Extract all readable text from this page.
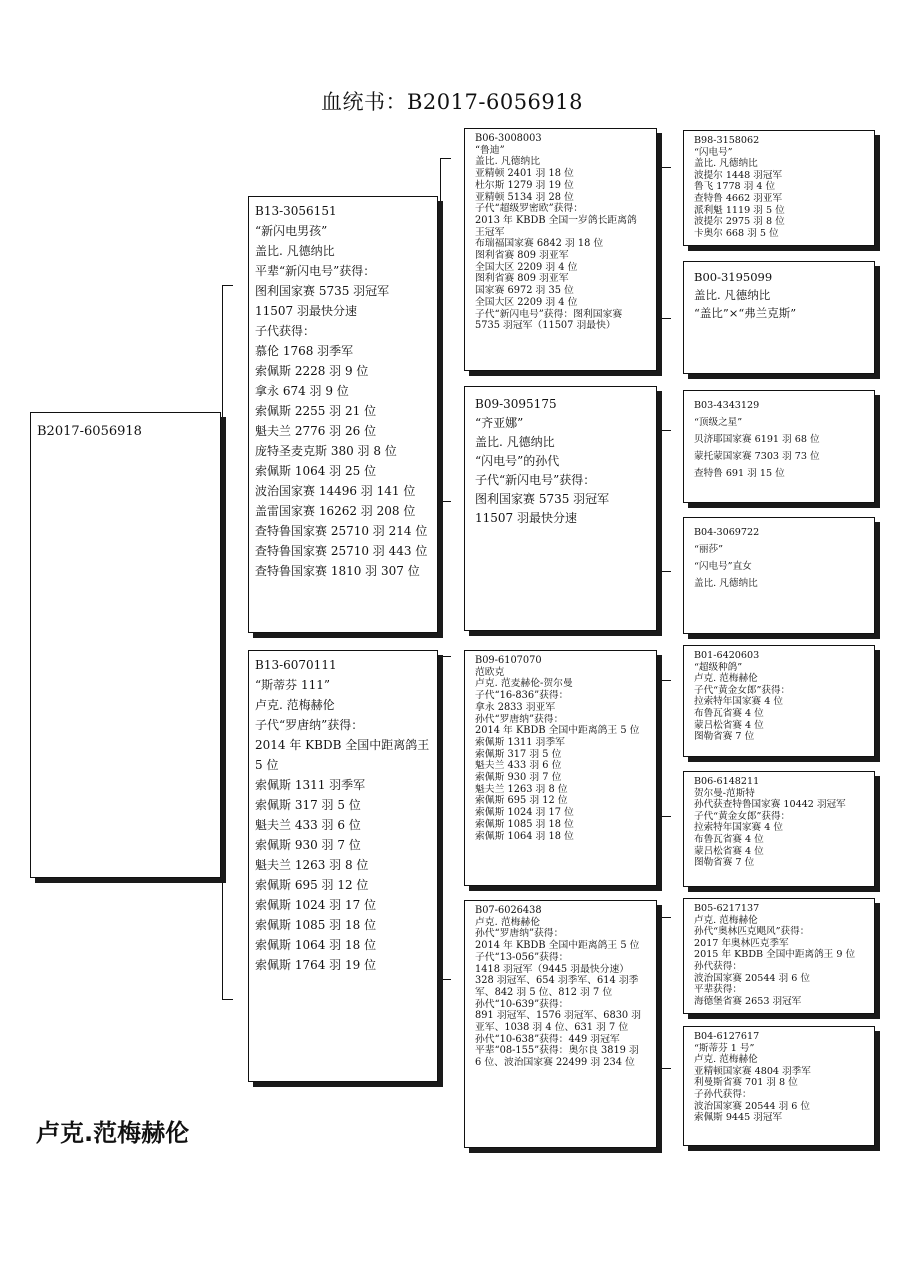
血统书：B2017-6056918
B2017-6056918
B13-3056151
“新闪电男孩”
盖比. 凡德纳比
平辈“新闪电号”获得：
图利国家赛 5735 羽冠军
11507 羽最快分速
子代获得：
慕伦 1768 羽季军
索佩斯 2228 羽 9 位
拿永 674 羽 9 位
索佩斯 2255 羽 21 位
魁夫兰 2776 羽 26 位
庞特圣麦克斯 380 羽 8 位
索佩斯 1064 羽 25 位
波治国家赛 14496 羽 141 位
盖雷国家赛 16262 羽 208 位
查特鲁国家赛 25710 羽 214 位
查特鲁国家赛 25710 羽 443 位
查特鲁国家赛 1810 羽 307 位
B13-6070111
“斯蒂芬 111”
卢克. 范梅赫伦
子代“罗唐纳”获得：
2014 年 KBDB 全国中距离鸽王 5 位
索佩斯 1311 羽季军
索佩斯 317 羽 5 位
魁夫兰 433 羽 6 位
索佩斯 930 羽 7 位
魁夫兰 1263 羽 8 位
索佩斯 695 羽 12 位
索佩斯 1024 羽 17 位
索佩斯 1085 羽 18 位
索佩斯 1064 羽 18 位
索佩斯 1764 羽 19 位
B06-3008003
“鲁迪”
盖比. 凡德纳比
亚精顿 2401 羽 18 位
杜尔斯 1279 羽 19 位
亚精顿 5134 羽 28 位
子代“超级罗密欧”获得：
2013 年 KBDB 全国一岁鸽长距离鸽王冠军
布瑞福国家赛 6842 羽 18 位
图利省赛 809 羽亚军
全国大区 2209 羽 4 位
图利省赛 809 羽亚军
国家赛 6972 羽 35 位
全国大区 2209 羽 4 位
子代“新闪电号”获得：图利国家赛 5735 羽冠军（11507 羽最快）
B09-3095175
“齐亚娜”
盖比. 凡德纳比
“闪电号”的孙代
子代“新闪电号”获得：
图利国家赛 5735 羽冠军
11507 羽最快分速
B09-6107070
范欧克
卢克. 范麦赫伦-贺尔曼
子代“16-836”获得：
拿永 2833 羽亚军
孙代“罗唐纳”获得：
2014 年 KBDB 全国中距离鸽王 5 位
索佩斯 1311 羽季军
索佩斯 317 羽 5 位
魁夫兰 433 羽 6 位
索佩斯 930 羽 7 位
魁夫兰 1263 羽 8 位
索佩斯 695 羽 12 位
索佩斯 1024 羽 17 位
索佩斯 1085 羽 18 位
索佩斯 1064 羽 18 位
B07-6026438
卢克. 范梅赫伦
孙代“罗唐纳”获得：
2014 年 KBDB 全国中距离鸽王 5 位
子代“13-056”获得：
1418 羽冠军（9445 羽最快分速）
328 羽冠军、654 羽季军、614 羽季军、842 羽 5 位、812 羽 7 位
孙代“10-639”获得：
891 羽冠军、1576 羽冠军、6830 羽亚军、1038 羽 4 位、631 羽 7 位
孙代“10-638”获得：449 羽冠军
平辈“08-155”获得：奥尔良 3819 羽 6 位、波治国家赛 22499 羽 234 位
B98-3158062
“闪电号”
盖比. 凡德纳比
波提尔 1448 羽冠军
鲁飞 1778 羽 4 位
查特鲁 4662 羽亚军
派利魁 1119 羽 5 位
波提尔 2975 羽 8 位
卡奥尔 668 羽 5 位
B00-3195099
盖比. 凡德纳比
“盖比”×“弗兰克斯”
B03-4343129
“顶级之星”
贝济耶国家赛 6191 羽 68 位
蒙托蒙国家赛 7303 羽 73 位
查特鲁 691 羽 15 位
B04-3069722
“丽莎”
“闪电号”直女
盖比. 凡德纳比
B01-6420603
“超级种鸽”
卢克. 范梅赫伦
子代“黄金女郎”获得：
拉索特年国家赛 4 位
布鲁瓦省赛 4 位
蒙吕松省赛 4 位
图勒省赛 7 位
B06-6148211
贺尔曼-范斯特
孙代获查特鲁国家赛 10442 羽冠军
子代“黄金女郎”获得：
拉索特年国家赛 4 位
布鲁瓦省赛 4 位
蒙吕松省赛 4 位
图勒省赛 7 位
B05-6217137
卢克. 范梅赫伦
孙代“奥林匹克飓风”获得：
2017 年奥林匹克季军
2015 年 KBDB 全国中距离鸽王 9 位
孙代获得：
波治国家赛 20544 羽 6 位
平辈获得：
海德堡省赛 2653 羽冠军
B04-6127617
“斯蒂芬 1 号”
卢克. 范梅赫伦
亚精顿国家赛 4804 羽季军
利曼斯省赛 701 羽 8 位
子孙代获得：
波治国家赛 20544 羽 6 位
索佩斯 9445 羽冠军
卢克.范梅赫伦
